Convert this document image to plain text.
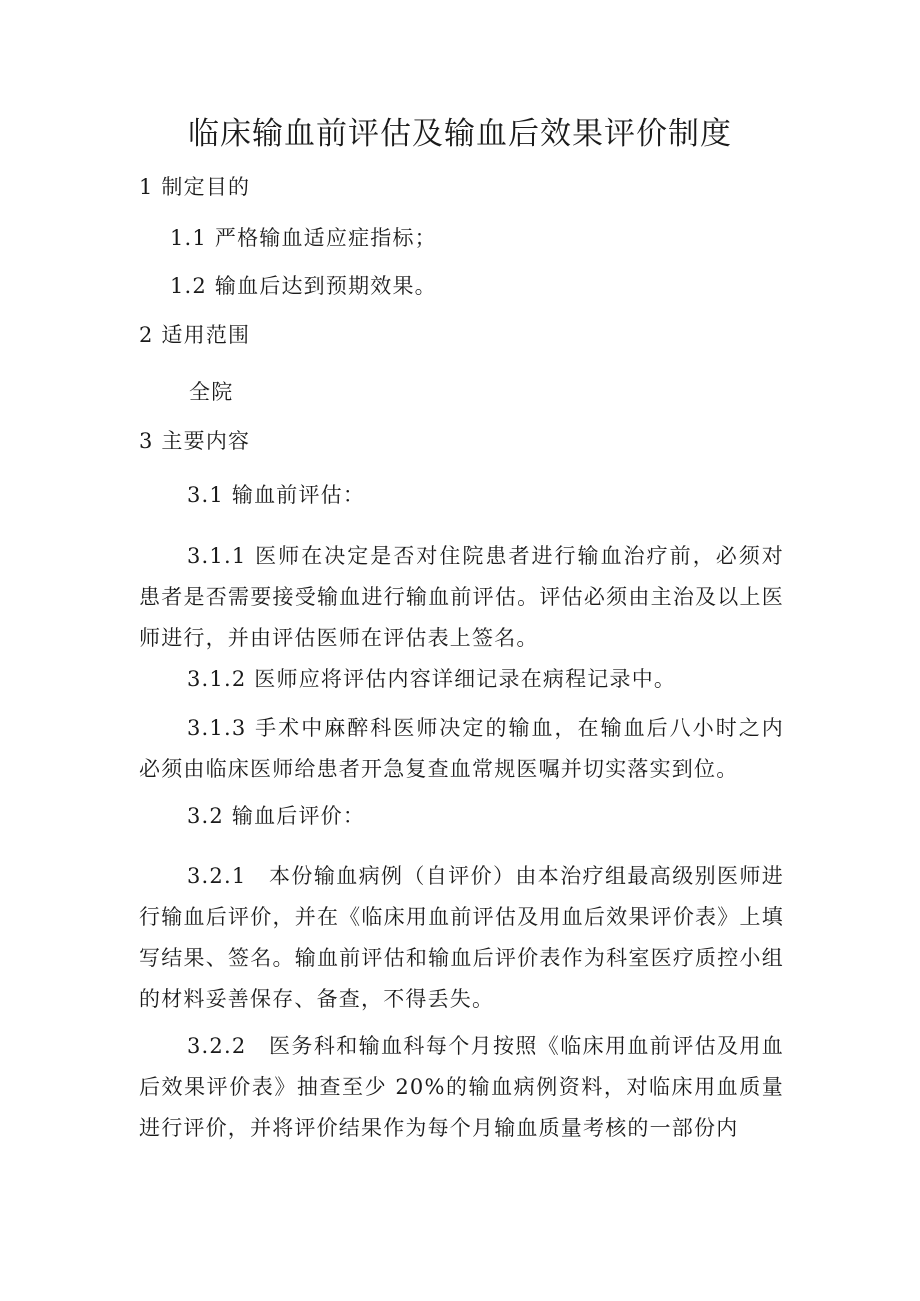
临床输血前评估及输血后效果评价制度
1 制定目的
1.1 严格输血适应症指标；
1.2 输血后达到预期效果。
2 适用范围
全院
3 主要内容
3.1 输血前评估：
3.1.1 医师在决定是否对住院患者进行输血治疗前，必须对患者是否需要接受输血进行输血前评估。评估必须由主治及以上医师进行，并由评估医师在评估表上签名。
3.1.2 医师应将评估内容详细记录在病程记录中。
3.1.3 手术中麻醉科医师决定的输血，在输血后八小时之内必须由临床医师给患者开急复查血常规医嘱并切实落实到位。
3.2 输血后评价：
3.2.1　本份输血病例（自评价）由本治疗组最高级别医师进行输血后评价，并在《临床用血前评估及用血后效果评价表》上填写结果、签名。输血前评估和输血后评价表作为科室医疗质控小组的材料妥善保存、备查，不得丢失。
3.2.2　医务科和输血科每个月按照《临床用血前评估及用血后效果评价表》抽查至少 20%的输血病例资料，对临床用血质量进行评价，并将评价结果作为每个月输血质量考核的一部份内
